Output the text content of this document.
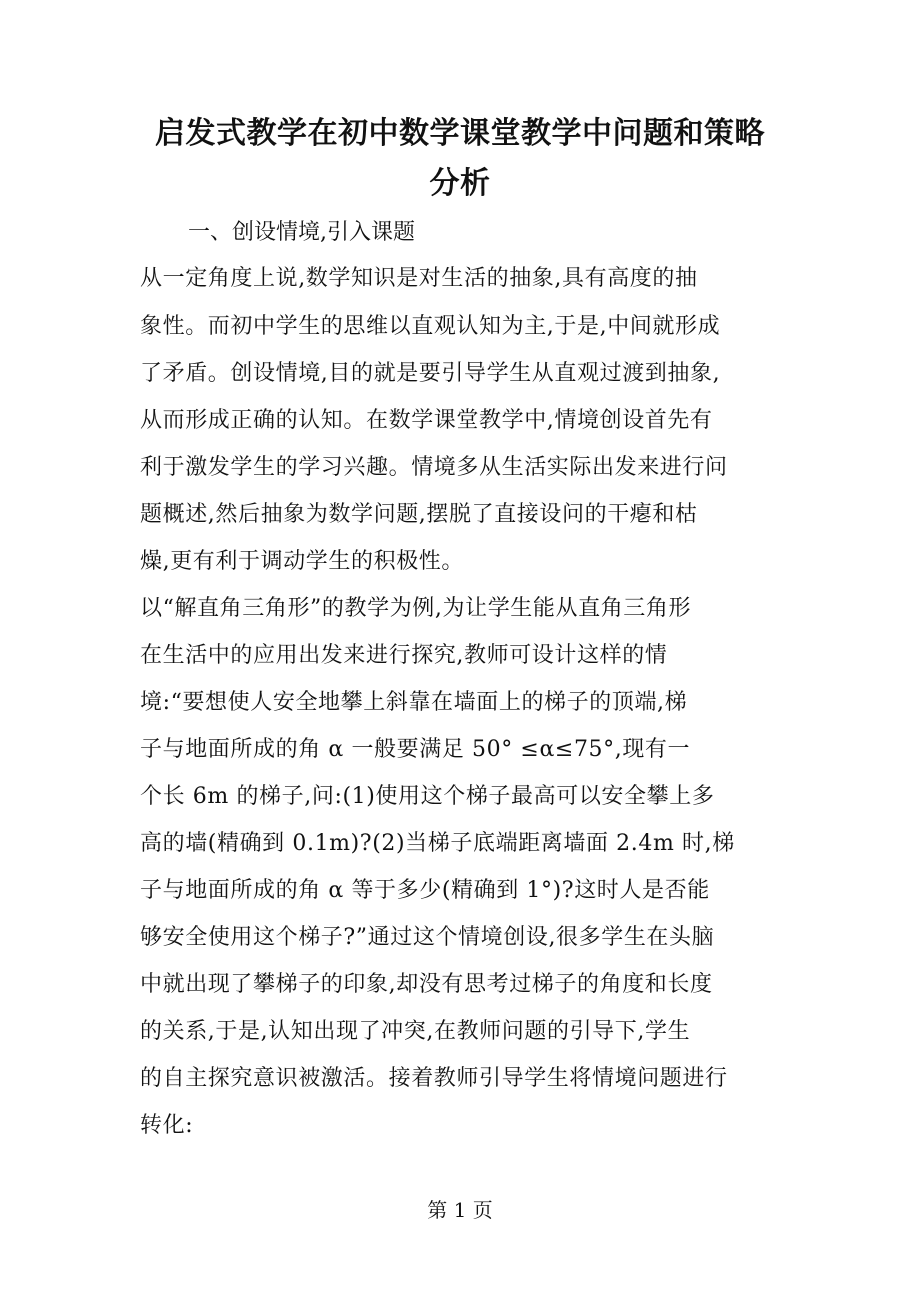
启发式教学在初中数学课堂教学中问题和策略
分析
一、创设情境,引入课题
从一定角度上说,数学知识是对生活的抽象,具有高度的抽
象性。而初中学生的思维以直观认知为主,于是,中间就形成
了矛盾。创设情境,目的就是要引导学生从直观过渡到抽象,
从而形成正确的认知。在数学课堂教学中,情境创设首先有
利于激发学生的学习兴趣。情境多从生活实际出发来进行问
题概述,然后抽象为数学问题,摆脱了直接设问的干瘪和枯
燥,更有利于调动学生的积极性。
以“解直角三角形”的教学为例,为让学生能从直角三角形
在生活中的应用出发来进行探究,教师可设计这样的情
境:“要想使人安全地攀上斜靠在墙面上的梯子的顶端,梯
子与地面所成的角 α 一般要满足 50° ≤α≤75°,现有一
个长 6m 的梯子,问:(1)使用这个梯子最高可以安全攀上多
高的墙(精确到 0.1m)?(2)当梯子底端距离墙面 2.4m 时,梯
子与地面所成的角 α 等于多少(精确到 1°)?这时人是否能
够安全使用这个梯子?”通过这个情境创设,很多学生在头脑
中就出现了攀梯子的印象,却没有思考过梯子的角度和长度
的关系,于是,认知出现了冲突,在教师问题的引导下,学生
的自主探究意识被激活。接着教师引导学生将情境问题进行
转化:
第 1 页
